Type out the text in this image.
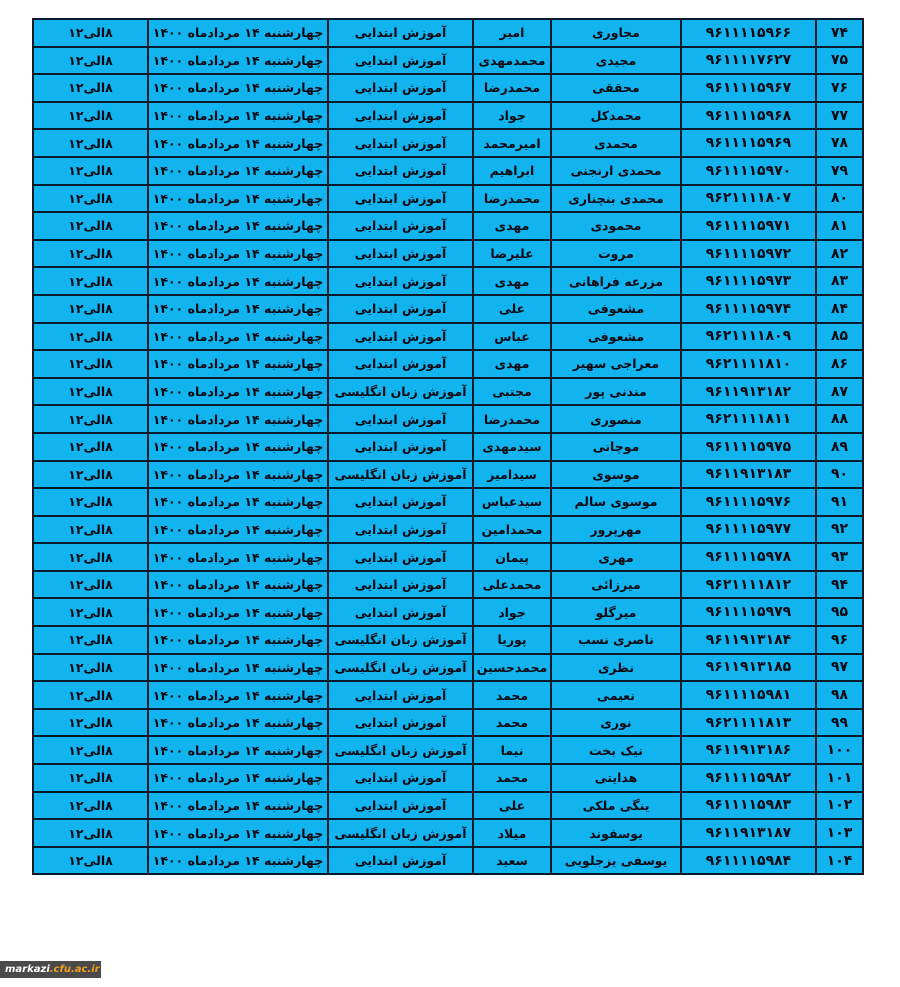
۷۴	۹۶۱۱۱۱۵۹۶۶	مجاوری	امیر	آموزش ابتدایی	چهارشنبه ۱۴ مردادماه ۱۴۰۰	۸الی۱۲
۷۵	۹۶۱۱۱۱۷۶۲۷	مجیدی	محمدمهدی	آموزش ابتدایی	چهارشنبه ۱۴ مردادماه ۱۴۰۰	۸الی۱۲
۷۶	۹۶۱۱۱۱۵۹۶۷	محققی	محمدرضا	آموزش ابتدایی	چهارشنبه ۱۴ مردادماه ۱۴۰۰	۸الی۱۲
۷۷	۹۶۱۱۱۱۵۹۶۸	محمدکل	جواد	آموزش ابتدایی	چهارشنبه ۱۴ مردادماه ۱۴۰۰	۸الی۱۲
۷۸	۹۶۱۱۱۱۵۹۶۹	محمدی	امیرمحمد	آموزش ابتدایی	چهارشنبه ۱۴ مردادماه ۱۴۰۰	۸الی۱۲
۷۹	۹۶۱۱۱۱۵۹۷۰	محمدی ارنجنی	ابراهیم	آموزش ابتدایی	چهارشنبه ۱۴ مردادماه ۱۴۰۰	۸الی۱۲
۸۰	۹۶۲۱۱۱۱۸۰۷	محمدی بنچناری	محمدرضا	آموزش ابتدایی	چهارشنبه ۱۴ مردادماه ۱۴۰۰	۸الی۱۲
۸۱	۹۶۱۱۱۱۵۹۷۱	محمودی	مهدی	آموزش ابتدایی	چهارشنبه ۱۴ مردادماه ۱۴۰۰	۸الی۱۲
۸۲	۹۶۱۱۱۱۵۹۷۲	مروت	علیرضا	آموزش ابتدایی	چهارشنبه ۱۴ مردادماه ۱۴۰۰	۸الی۱۲
۸۳	۹۶۱۱۱۱۵۹۷۳	مزرعه فراهانی	مهدی	آموزش ابتدایی	چهارشنبه ۱۴ مردادماه ۱۴۰۰	۸الی۱۲
۸۴	۹۶۱۱۱۱۵۹۷۴	مشعوفی	علی	آموزش ابتدایی	چهارشنبه ۱۴ مردادماه ۱۴۰۰	۸الی۱۲
۸۵	۹۶۲۱۱۱۱۸۰۹	مشعوفی	عباس	آموزش ابتدایی	چهارشنبه ۱۴ مردادماه ۱۴۰۰	۸الی۱۲
۸۶	۹۶۲۱۱۱۱۸۱۰	معراجی سهیر	مهدی	آموزش ابتدایی	چهارشنبه ۱۴ مردادماه ۱۴۰۰	۸الی۱۲
۸۷	۹۶۱۱۹۱۳۱۸۲	مندنی پور	مجتبی	آموزش زبان انگلیسی	چهارشنبه ۱۴ مردادماه ۱۴۰۰	۸الی۱۲
۸۸	۹۶۲۱۱۱۱۸۱۱	منصوری	محمدرضا	آموزش ابتدایی	چهارشنبه ۱۴ مردادماه ۱۴۰۰	۸الی۱۲
۸۹	۹۶۱۱۱۱۵۹۷۵	موچانی	سیدمهدی	آموزش ابتدایی	چهارشنبه ۱۴ مردادماه ۱۴۰۰	۸الی۱۲
۹۰	۹۶۱۱۹۱۳۱۸۳	موسوی	سیدامیر	آموزش زبان انگلیسی	چهارشنبه ۱۴ مردادماه ۱۴۰۰	۸الی۱۲
۹۱	۹۶۱۱۱۱۵۹۷۶	موسوی سالم	سیدعباس	آموزش ابتدایی	چهارشنبه ۱۴ مردادماه ۱۴۰۰	۸الی۱۲
۹۲	۹۶۱۱۱۱۵۹۷۷	مهرپرور	محمدامین	آموزش ابتدایی	چهارشنبه ۱۴ مردادماه ۱۴۰۰	۸الی۱۲
۹۳	۹۶۱۱۱۱۵۹۷۸	مهری	پیمان	آموزش ابتدایی	چهارشنبه ۱۴ مردادماه ۱۴۰۰	۸الی۱۲
۹۴	۹۶۲۱۱۱۱۸۱۲	میرزائی	محمدعلی	آموزش ابتدایی	چهارشنبه ۱۴ مردادماه ۱۴۰۰	۸الی۱۲
۹۵	۹۶۱۱۱۱۵۹۷۹	میرگلو	جواد	آموزش ابتدایی	چهارشنبه ۱۴ مردادماه ۱۴۰۰	۸الی۱۲
۹۶	۹۶۱۱۹۱۳۱۸۴	ناصری نسب	پوریا	آموزش زبان انگلیسی	چهارشنبه ۱۴ مردادماه ۱۴۰۰	۸الی۱۲
۹۷	۹۶۱۱۹۱۳۱۸۵	نظری	محمدحسین	آموزش زبان انگلیسی	چهارشنبه ۱۴ مردادماه ۱۴۰۰	۸الی۱۲
۹۸	۹۶۱۱۱۱۵۹۸۱	نعیمی	محمد	آموزش ابتدایی	چهارشنبه ۱۴ مردادماه ۱۴۰۰	۸الی۱۲
۹۹	۹۶۲۱۱۱۱۸۱۳	نوری	محمد	آموزش ابتدایی	چهارشنبه ۱۴ مردادماه ۱۴۰۰	۸الی۱۲
۱۰۰	۹۶۱۱۹۱۳۱۸۶	نیک بخت	نیما	آموزش زبان انگلیسی	چهارشنبه ۱۴ مردادماه ۱۴۰۰	۸الی۱۲
۱۰۱	۹۶۱۱۱۱۵۹۸۲	هدایتی	محمد	آموزش ابتدایی	چهارشنبه ۱۴ مردادماه ۱۴۰۰	۸الی۱۲
۱۰۲	۹۶۱۱۱۱۵۹۸۳	ینگی ملکی	علی	آموزش ابتدایی	چهارشنبه ۱۴ مردادماه ۱۴۰۰	۸الی۱۲
۱۰۳	۹۶۱۱۹۱۳۱۸۷	یوسفوند	میلاد	آموزش زبان انگلیسی	چهارشنبه ۱۴ مردادماه ۱۴۰۰	۸الی۱۲
۱۰۴	۹۶۱۱۱۱۵۹۸۴	یوسفی یزجلویی	سعید	آموزش ابتدایی	چهارشنبه ۱۴ مردادماه ۱۴۰۰	۸الی۱۲
markazi.cfu.ac.ir
